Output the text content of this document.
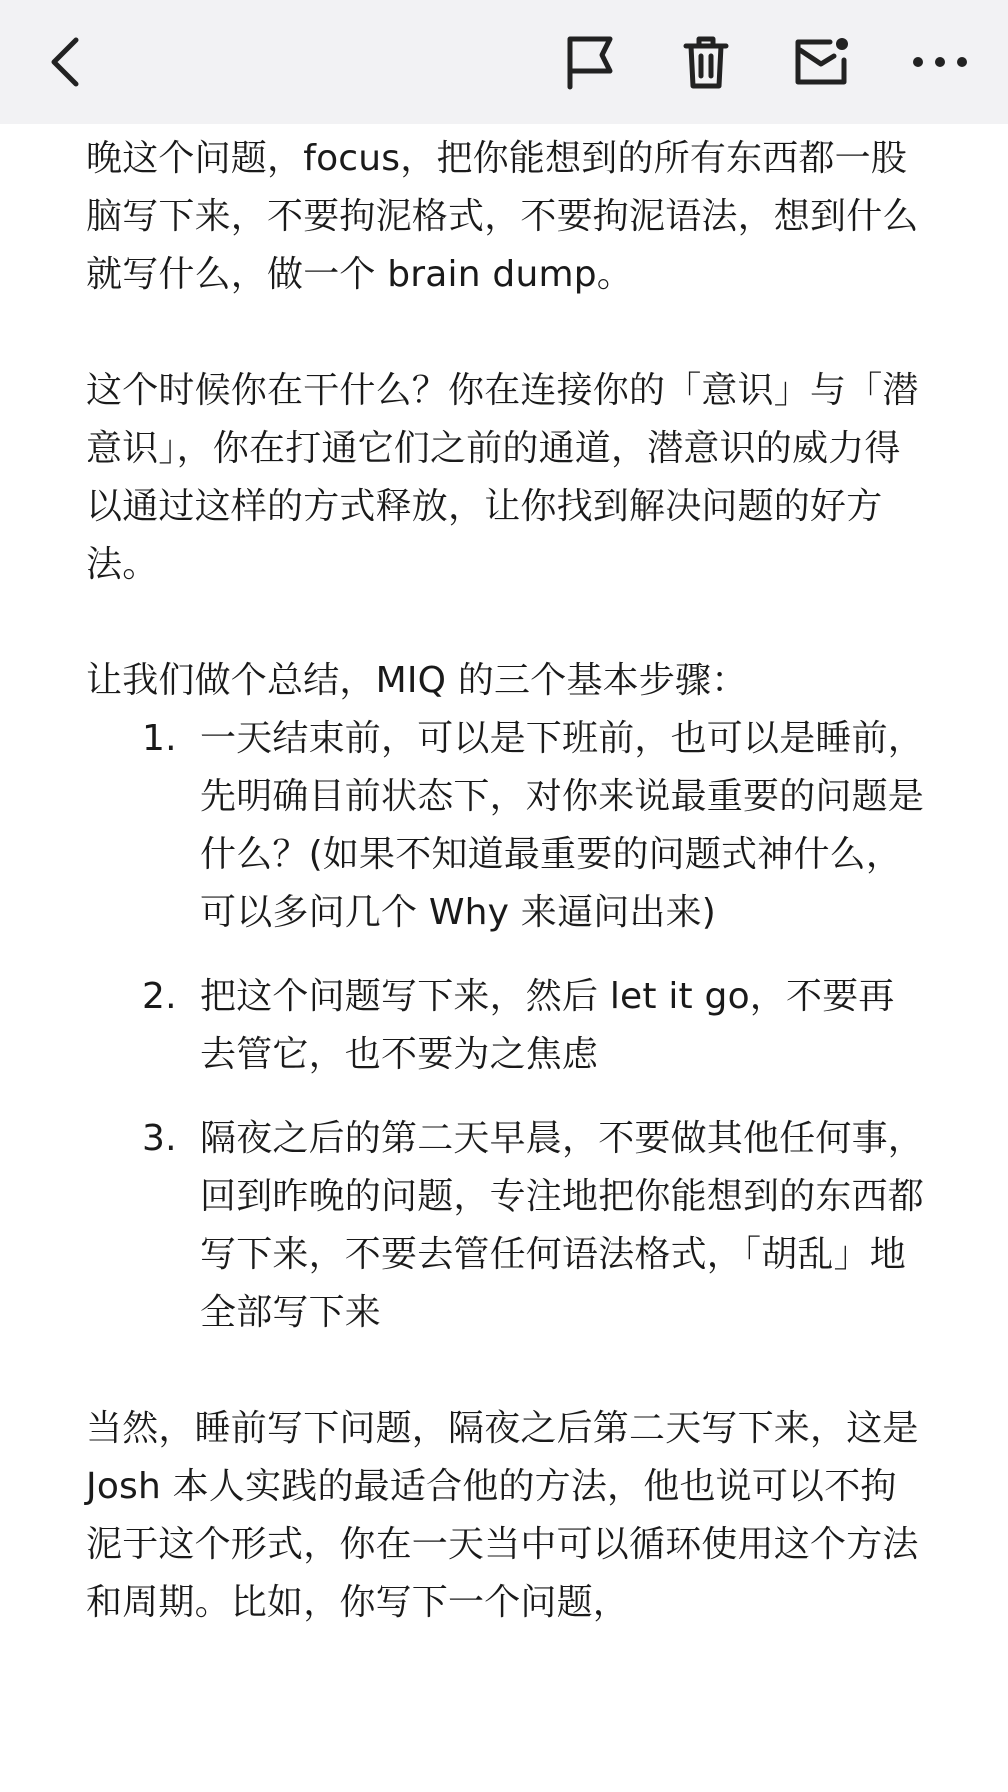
晚这个问题，focus，把你能想到的所有东西都一股脑写下来，不要拘泥格式，不要拘泥语法，想到什么就写什么，做一个 brain dump。

这个时候你在干什么？你在连接你的「意识」与「潜意识」，你在打通它们之前的通道，潜意识的威力得以通过这样的方式释放，让你找到解决问题的好方法。

让我们做个总结，MIQ 的三个基本步骤：

1. 一天结束前，可以是下班前，也可以是睡前，先明确目前状态下，对你来说最重要的问题是什么？(如果不知道最重要的问题式神什么，可以多问几个 Why 来逼问出来)
2. 把这个问题写下来，然后 let it go，不要再去管它，也不要为之焦虑
3. 隔夜之后的第二天早晨，不要做其他任何事，回到昨晚的问题，专注地把你能想到的东西都写下来，不要去管任何语法格式，「胡乱」地全部写下来

当然，睡前写下问题，隔夜之后第二天写下来，这是 Josh 本人实践的最适合他的方法，他也说可以不拘泥于这个形式，你在一天当中可以循环使用这个方法和周期。比如，你写下一个问题，
